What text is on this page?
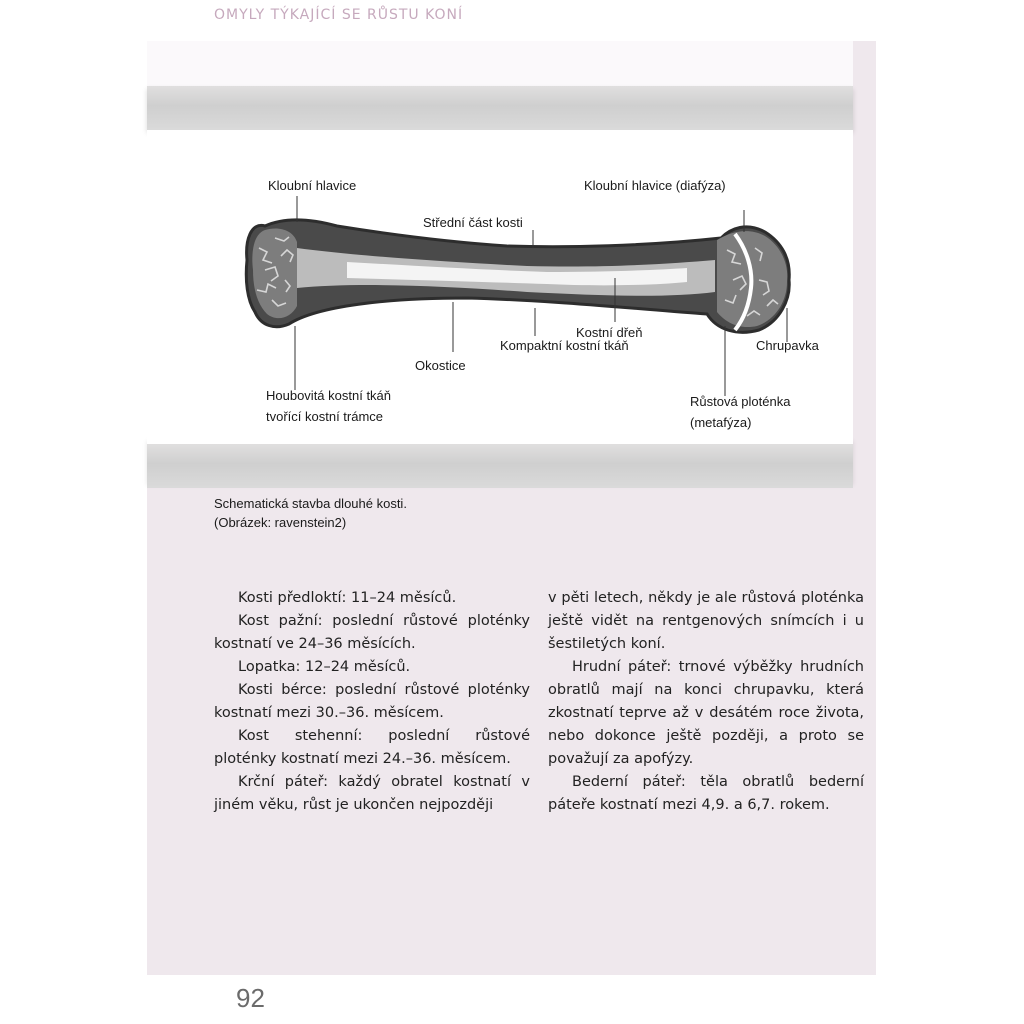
OMYLY TÝKAJÍCÍ SE RŮSTU KONÍ
Kloubní hlavice	Kloubní hlavice (diafýza)
Střední část kosti
Kostní dřeň
Kompaktní kostní tkáň
Okostice
Chrupavka
Houbovitá kostní tkáň
tvořící kostní trámce
Růstová ploténka
(metafýza)
Schematická stavba dlouhé kosti.
(Obrázek: ravenstein2)

Kosti předloktí: 11–24 měsíců.

Kost pažní: poslední růstové ploténky kostnatí ve 24–36 měsících.

Lopatka: 12–24 měsíců.

Kosti bérce: poslední růstové ploténky kostnatí mezi 30.–36. měsícem.

Kost stehenní: poslední růstové ploténky kostnatí mezi 24.–36. měsícem.

Krční páteř: každý obratel kostnatí v jiném věku, růst je ukončen nejpozději

v pěti letech, někdy je ale růstová ploténka ještě vidět na rentgenových snímcích i u šestiletých koní.

Hrudní páteř: trnové výběžky hrudních obratlů mají na konci chrupavku, která zkostnatí teprve až v desátém roce života, nebo dokonce ještě později, a proto se považují za apofýzy.

Bederní páteř: těla obratlů bederní páteře kostnatí mezi 4,9. a 6,7. rokem.

92
